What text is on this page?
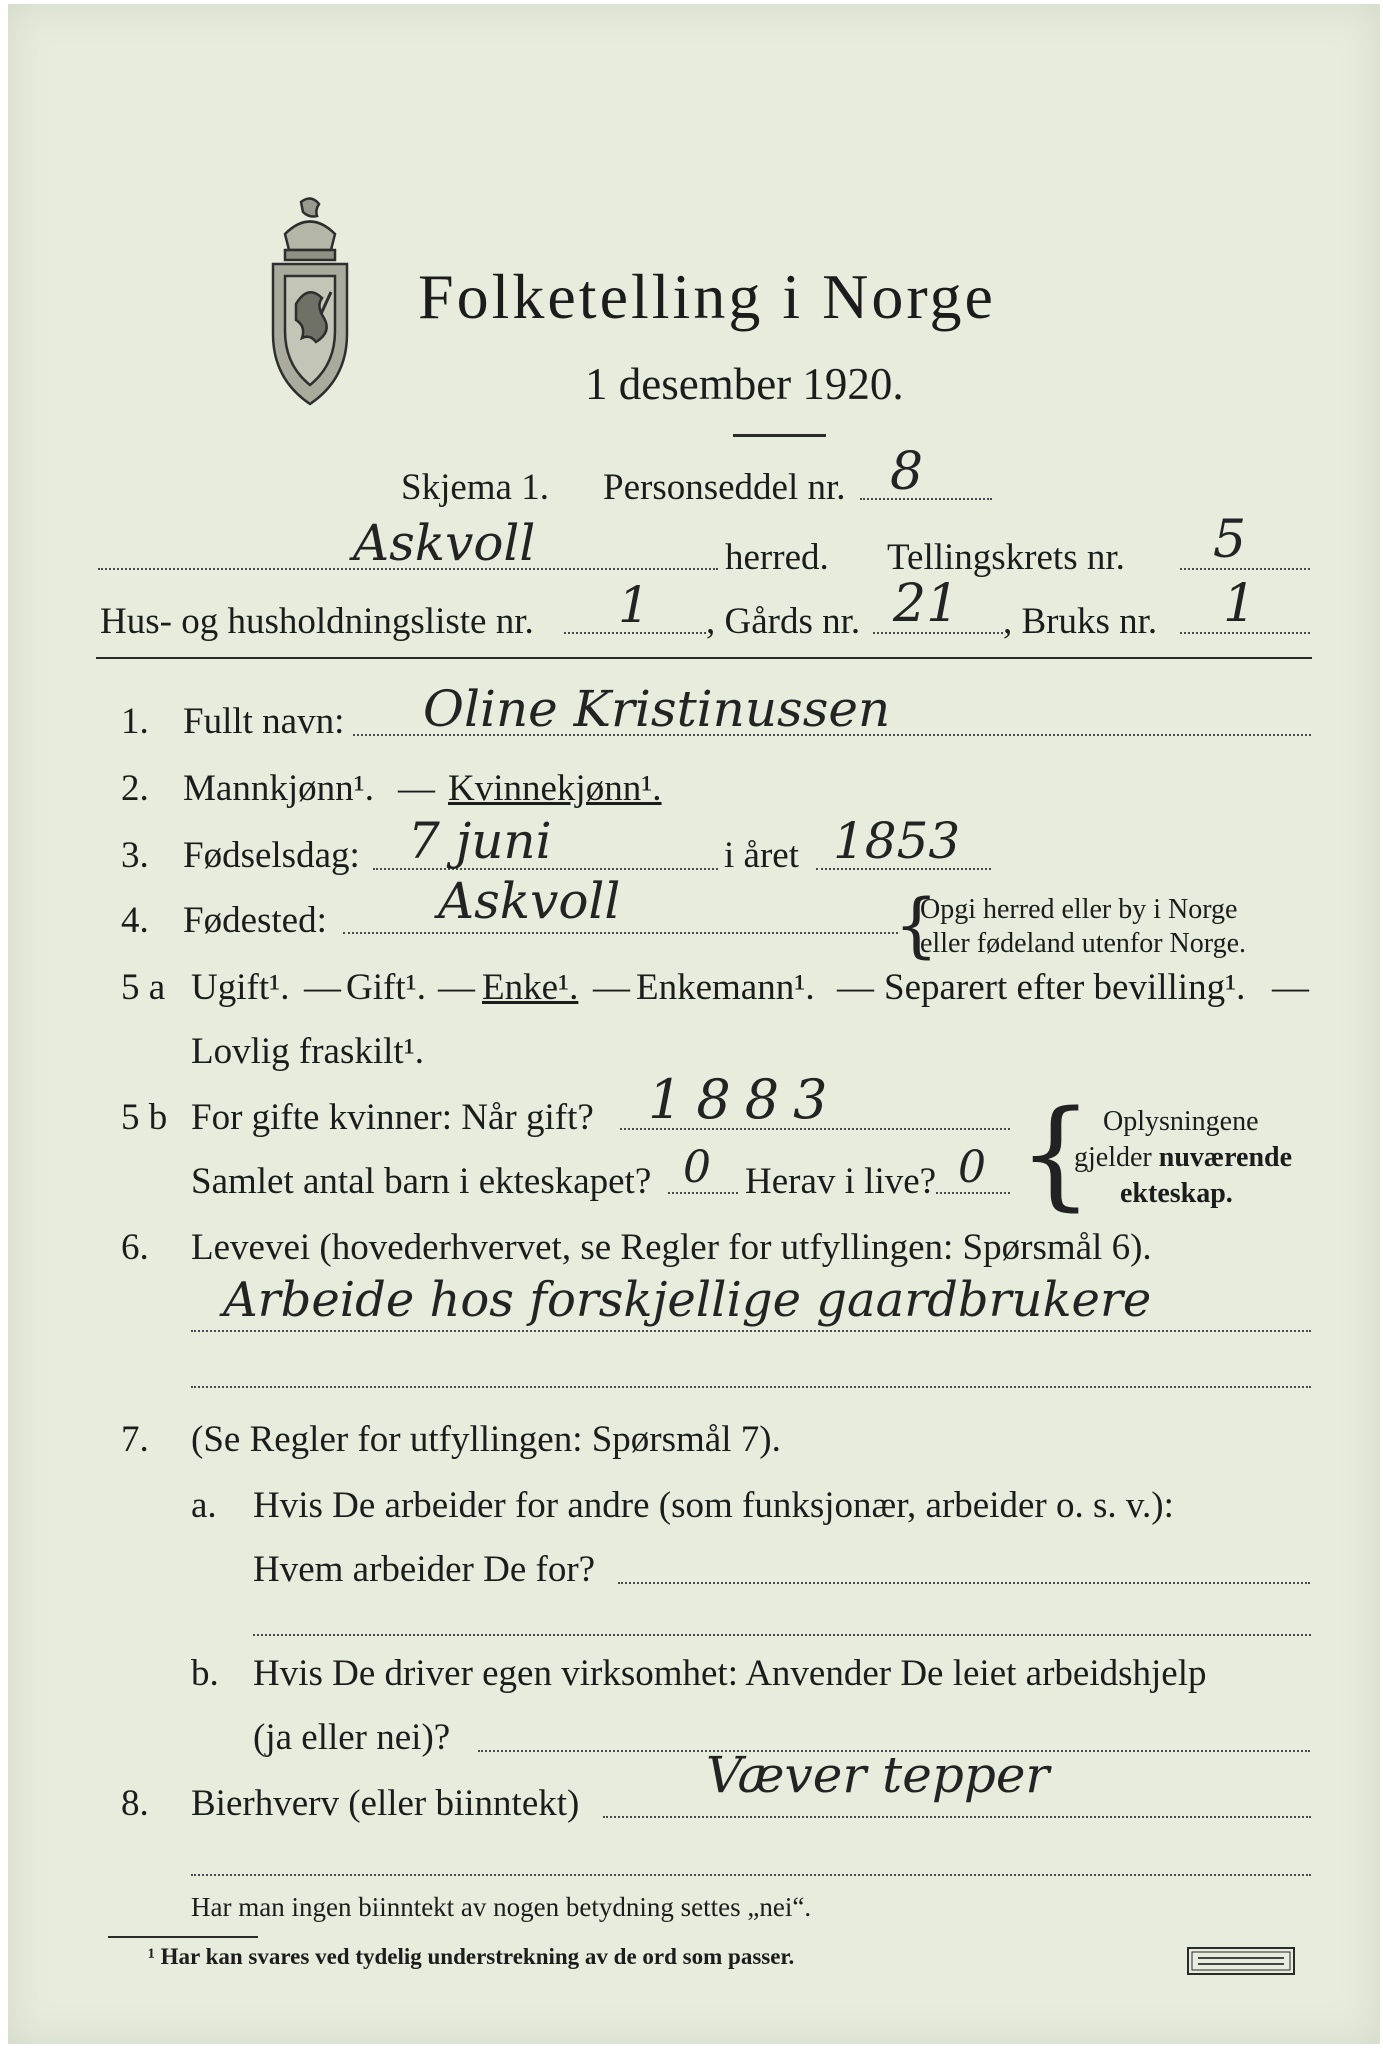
Folketelling i Norge
1 desember 1920.
Skjema 1. Personseddel nr. 8
Askvoll	herred. Tellingskrets nr. 5
Hus- og husholdningsliste nr. 1 , Gårds nr. 21 , Bruks nr. 1
1. Fullt navn: Oline Kristinussen
2. Mannkjønn¹. — Kvinnekjønn¹.
3. Fødselsdag: 7 juni	i året 1853
4. Fødested: Askvoll	{
Opgi herred eller by i Norge
eller fødeland utenfor Norge.
5 a Ugift¹. — Gift¹. — Enke¹. — Enkemann¹. — Separert efter bevilling¹. —
Lovlig fraskilt¹.
5 b For gifte kvinner: Når gift? 1883
Samlet antal barn i ekteskapet? 0 Herav i live? 0 { Oplysningene
gjelder nuværende
ekteskap.
6. Levevei (hovederhvervet, se Regler for utfyllingen: Spørsmål 6).
Arbeide hos forskjellige gaardbrukere
7. (Se Regler for utfyllingen: Spørsmål 7).
a. Hvis De arbeider for andre (som funksjonær, arbeider o. s. v.):
Hvem arbeider De for?
b. Hvis De driver egen virksomhet: Anvender De leiet arbeidshjelp
(ja eller nei)?
8. Bierhverv (eller biinntekt)	Væver tepper
Har man ingen biinntekt av nogen betydning settes „nei“.
¹ Har kan svares ved tydelig understrekning av de ord som passer.
